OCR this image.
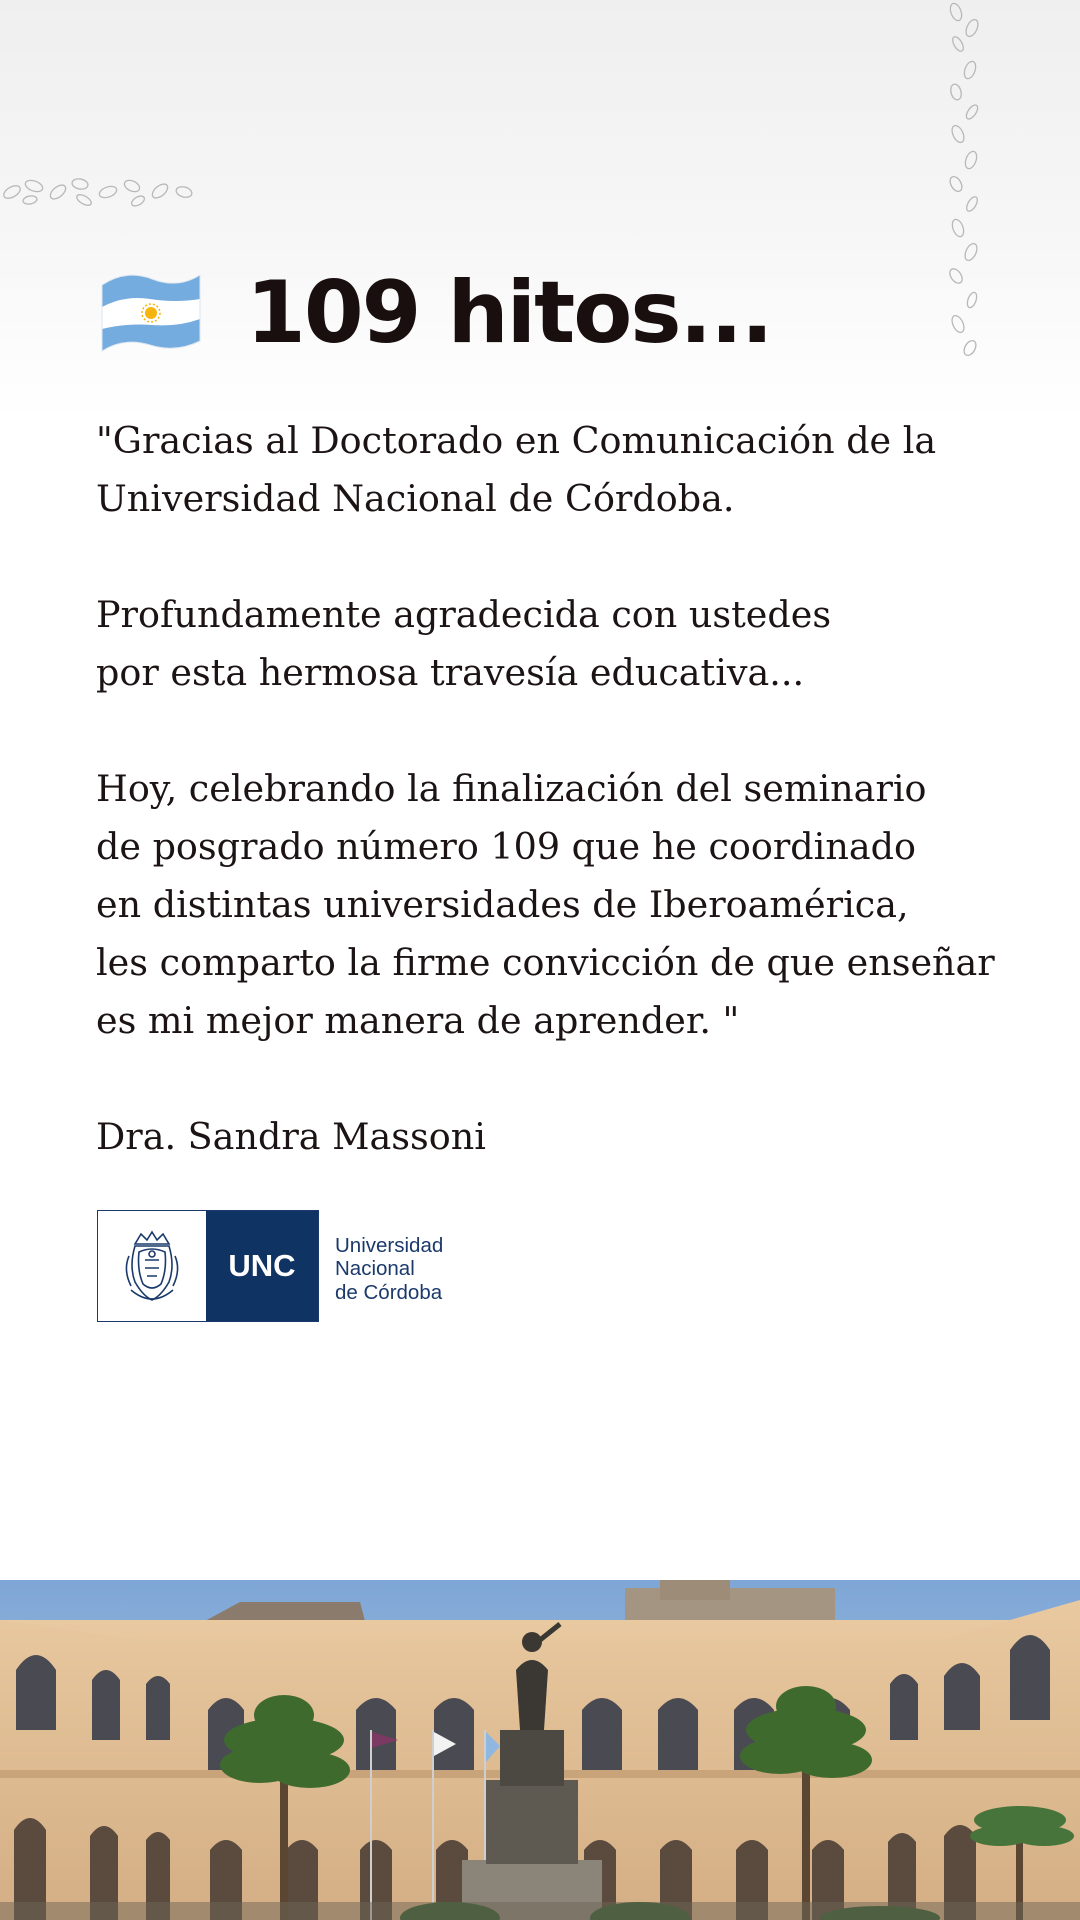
109 hitos...

"Gracias al Doctorado en Comunicación de la
Universidad Nacional de Córdoba.

Profundamente agradecida con ustedes
por esta hermosa travesía educativa...

Hoy, celebrando la finalización del seminario
de posgrado número 109 que he coordinado
en distintas universidades de Iberoamérica,
les comparto la firme convicción de que enseñar
es mi mejor manera de aprender. "

Dra. Sandra Massoni

UNC
Universidad
Nacional
de Córdoba
